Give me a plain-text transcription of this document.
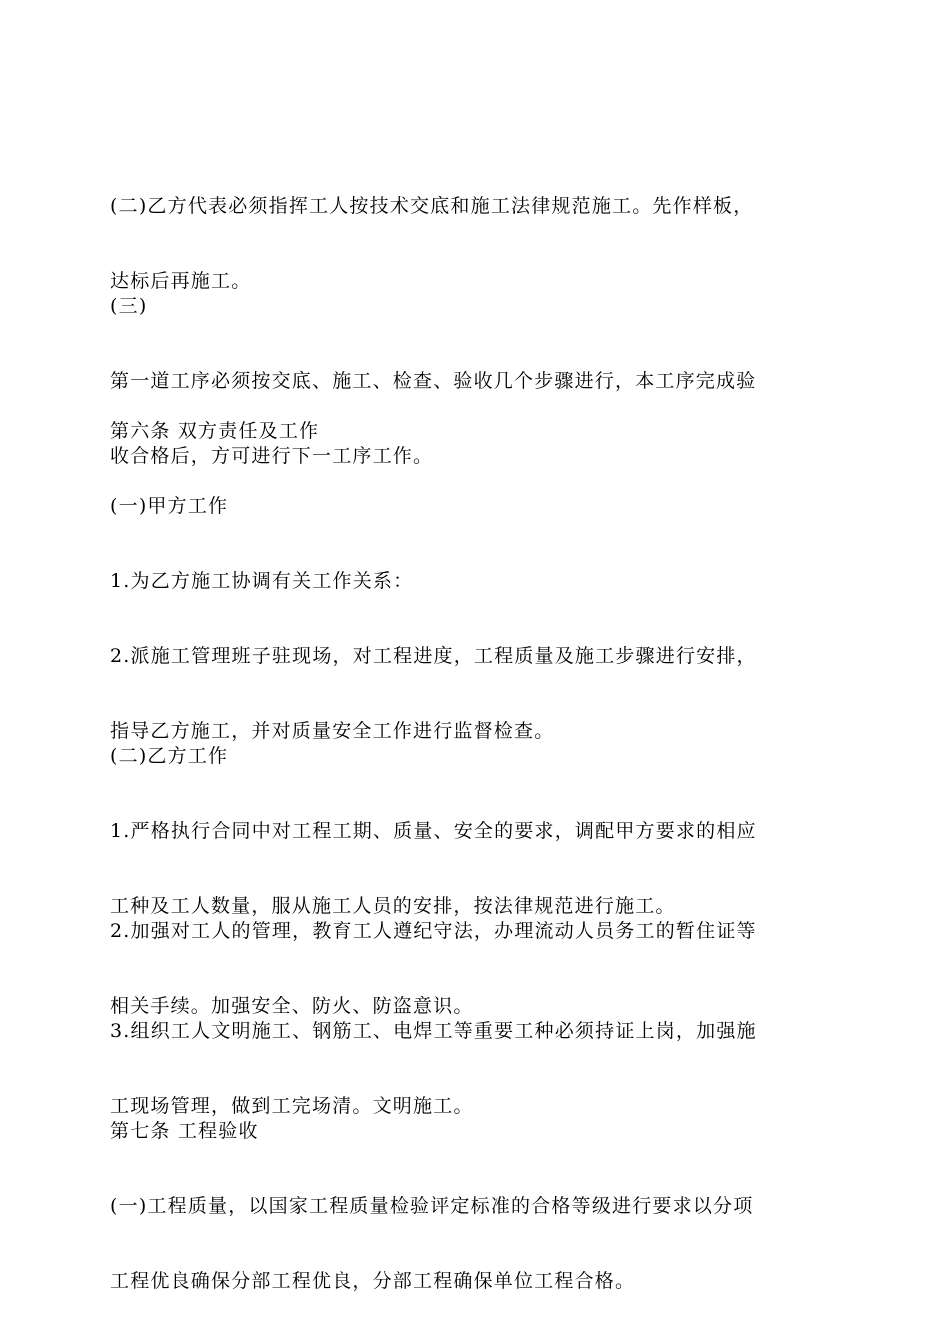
(二)乙方代表必须指挥工人按技术交底和施工法律规范施工。先作样板，

达标后再施工。

(三)

第一道工序必须按交底、施工、检查、验收几个步骤进行，本工序完成验

收合格后，方可进行下一工序工作。

第六条 双方责任及工作

(一)甲方工作

1.为乙方施工协调有关工作关系：

2.派施工管理班子驻现场，对工程进度，工程质量及施工步骤进行安排，

指导乙方施工，并对质量安全工作进行监督检查。

(二)乙方工作

1.严格执行合同中对工程工期、质量、安全的要求，调配甲方要求的相应

工种及工人数量，服从施工人员的安排，按法律规范进行施工。

2.加强对工人的管理，教育工人遵纪守法，办理流动人员务工的暂住证等

相关手续。加强安全、防火、防盗意识。

3.组织工人文明施工、钢筋工、电焊工等重要工种必须持证上岗，加强施

工现场管理，做到工完场清。文明施工。

第七条 工程验收

(一)工程质量，以国家工程质量检验评定标准的合格等级进行要求以分项

工程优良确保分部工程优良，分部工程确保单位工程合格。
